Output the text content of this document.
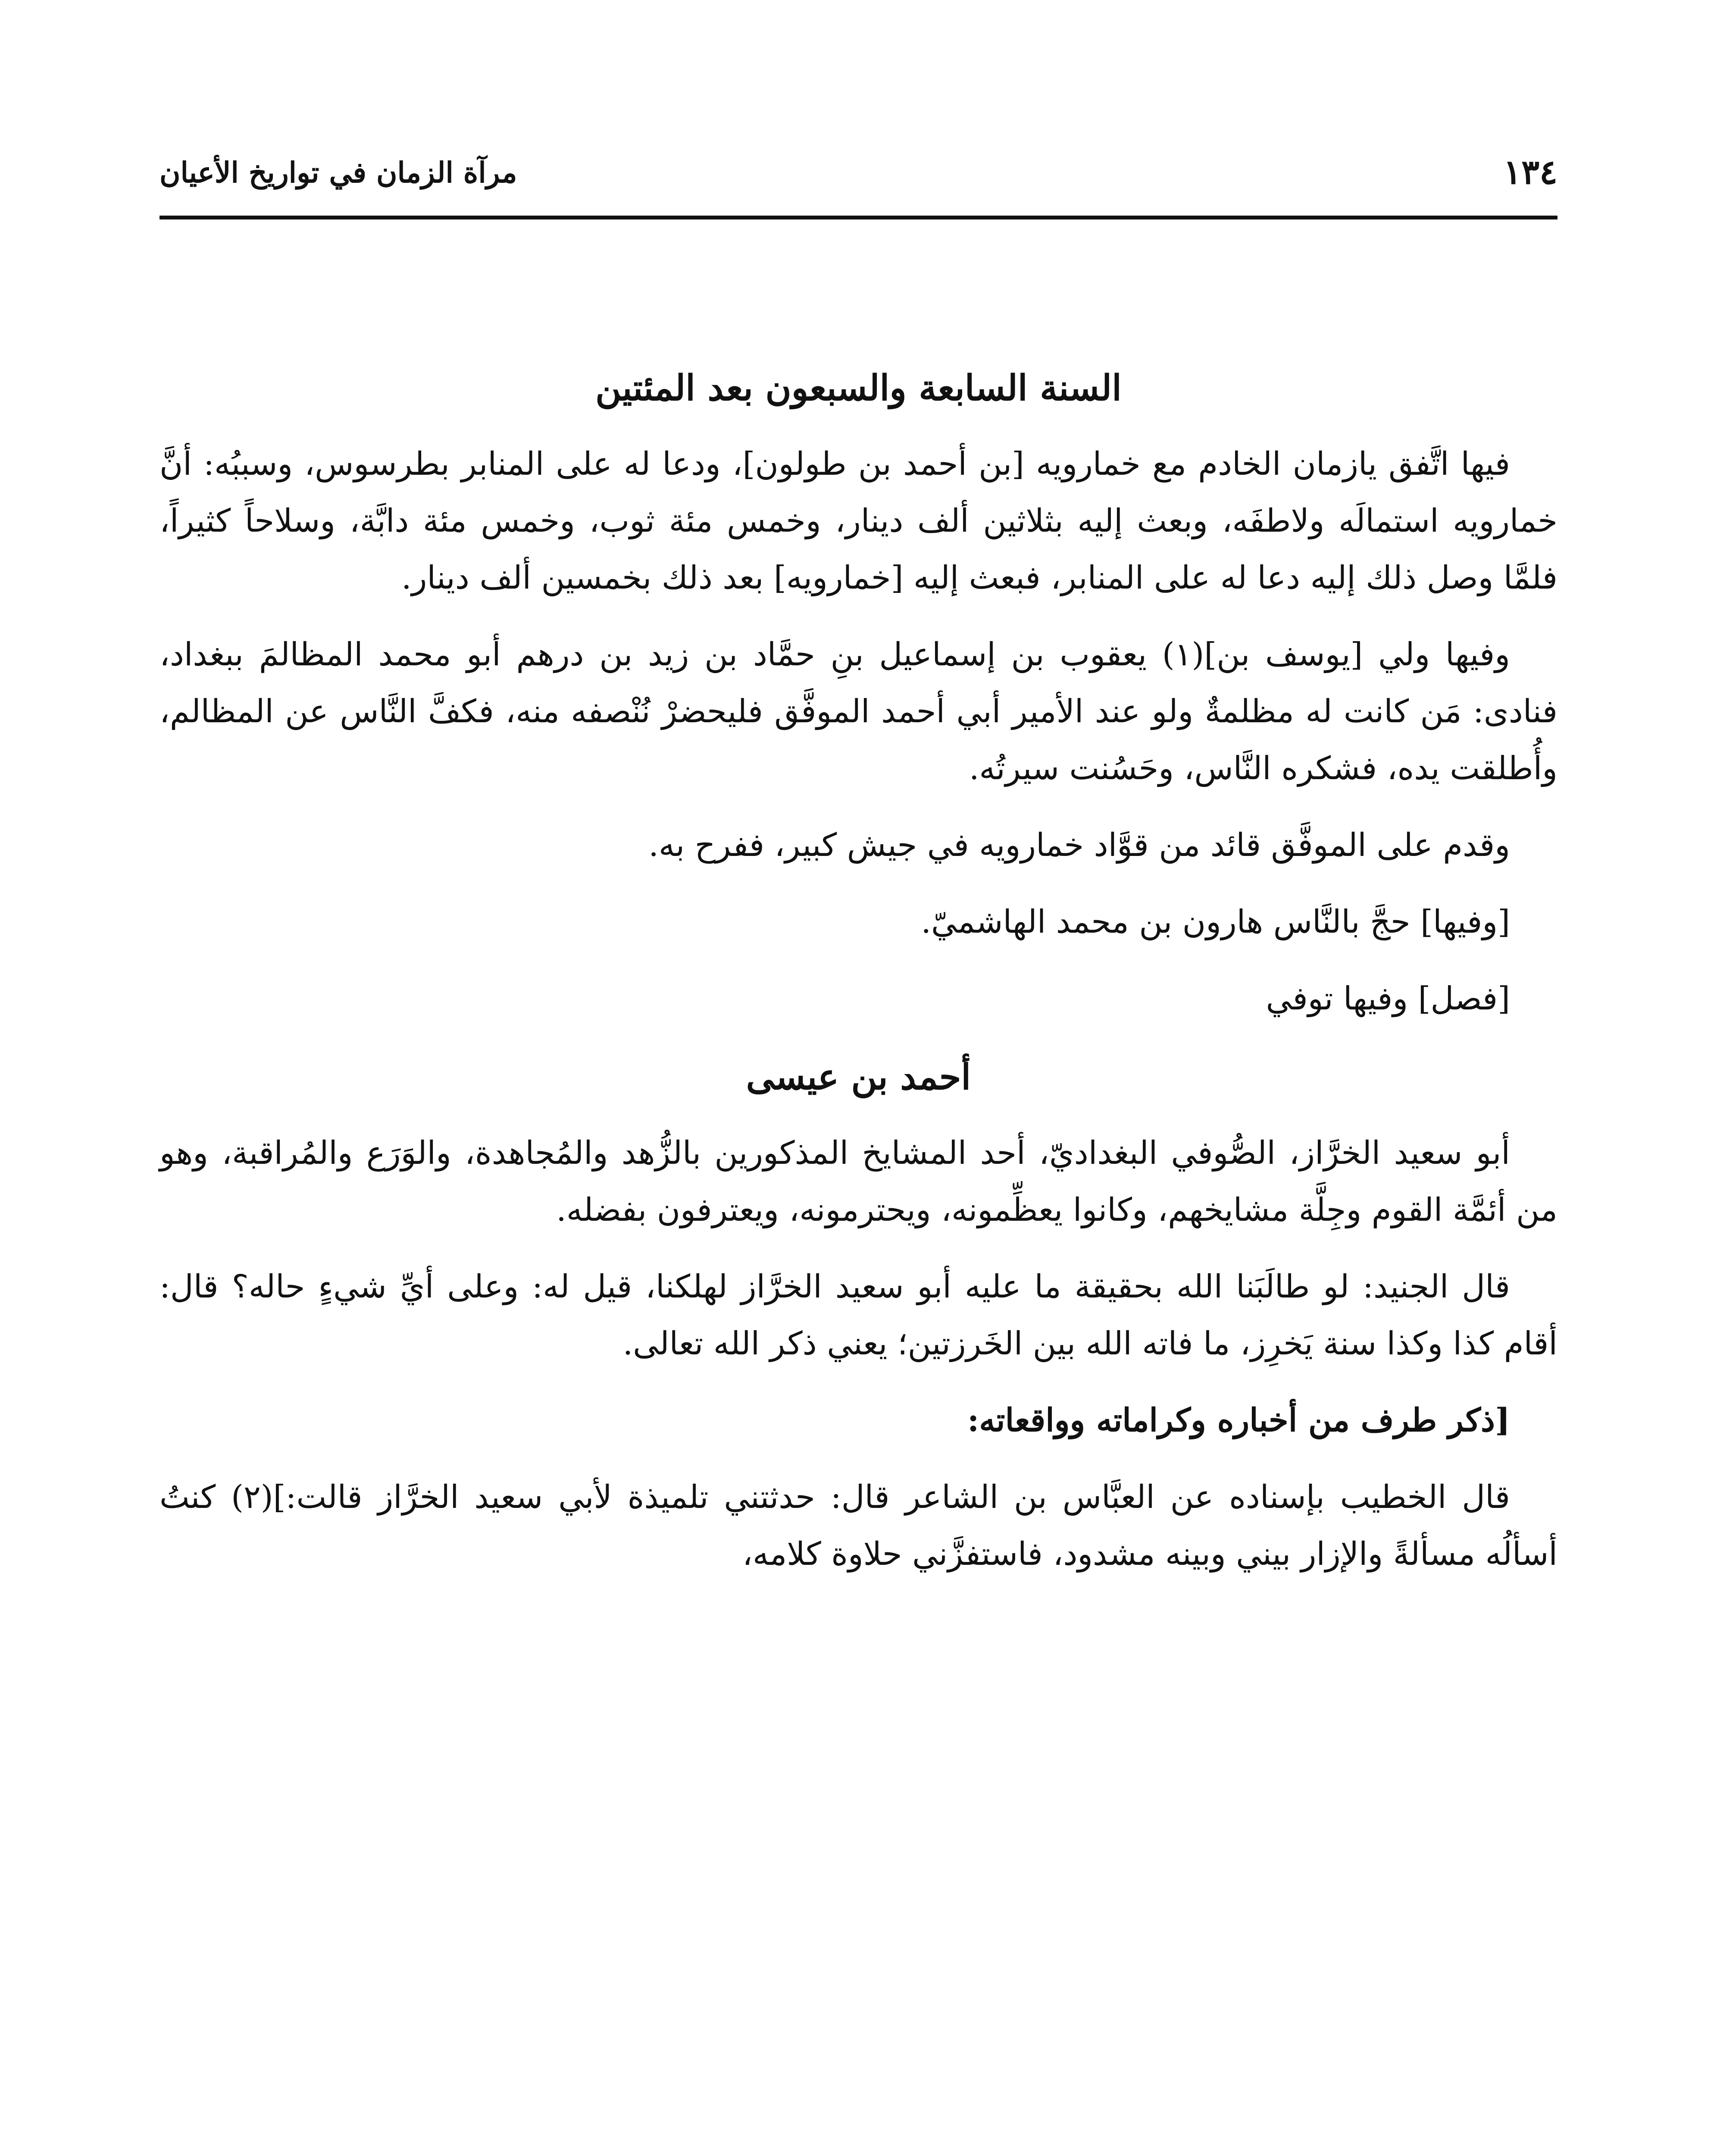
١٣٤
مرآة الزمان في تواريخ الأعيان
السنة السابعة والسبعون بعد المئتين

فيها اتَّفق يازمان الخادم مع خمارويه [بن أحمد بن طولون]، ودعا له على المنابر بطرسوس، وسببُه: أنَّ خمارويه استمالَه ولاطفَه، وبعث إليه بثلاثين ألف دينار، وخمس مئة ثوب، وخمس مئة دابَّة، وسلاحاً كثيراً، فلمَّا وصل ذلك إليه دعا له على المنابر، فبعث إليه [خمارويه] بعد ذلك بخمسين ألف دينار.

وفيها ولي [يوسف بن](١) يعقوب بن إسماعيل بنِ حمَّاد بن زيد بن درهم أبو محمد المظالمَ ببغداد، فنادى: مَن كانت له مظلمةٌ ولو عند الأمير أبي أحمد الموفَّق فليحضرْ نُنْصفه منه، فكفَّ النَّاس عن المظالم، وأُطلقت يده، فشكره النَّاس، وحَسُنت سيرتُه.

وقدم على الموفَّق قائد من قوَّاد خمارويه في جيش كبير، ففرح به.

[وفيها] حجَّ بالنَّاس هارون بن محمد الهاشميّ.

[فصل] وفيها توفي

أحمد بن عيسى

أبو سعيد الخرَّاز، الصُّوفي البغداديّ، أحد المشايخ المذكورين بالزُّهد والمُجاهدة، والوَرَع والمُراقبة، وهو من أئمَّة القوم وجِلَّة مشايخهم، وكانوا يعظِّمونه، ويحترمونه، ويعترفون بفضله.

قال الجنيد: لو طالَبَنا الله بحقيقة ما عليه أبو سعيد الخرَّاز لهلكنا، قيل له: وعلى أيِّ شيءٍ حاله؟ قال: أقام كذا وكذا سنة يَخرِز، ما فاته الله بين الخَرزتين؛ يعني ذكر الله تعالى.

[ذكر طرف من أخباره وكراماته وواقعاته:

قال الخطيب بإسناده عن العبَّاس بن الشاعر قال: حدثتني تلميذة لأبي سعيد الخرَّاز قالت:](٢) كنتُ أسألُه مسألةً والإزار بيني وبينه مشدود، فاستفزَّني حلاوة كلامه،
